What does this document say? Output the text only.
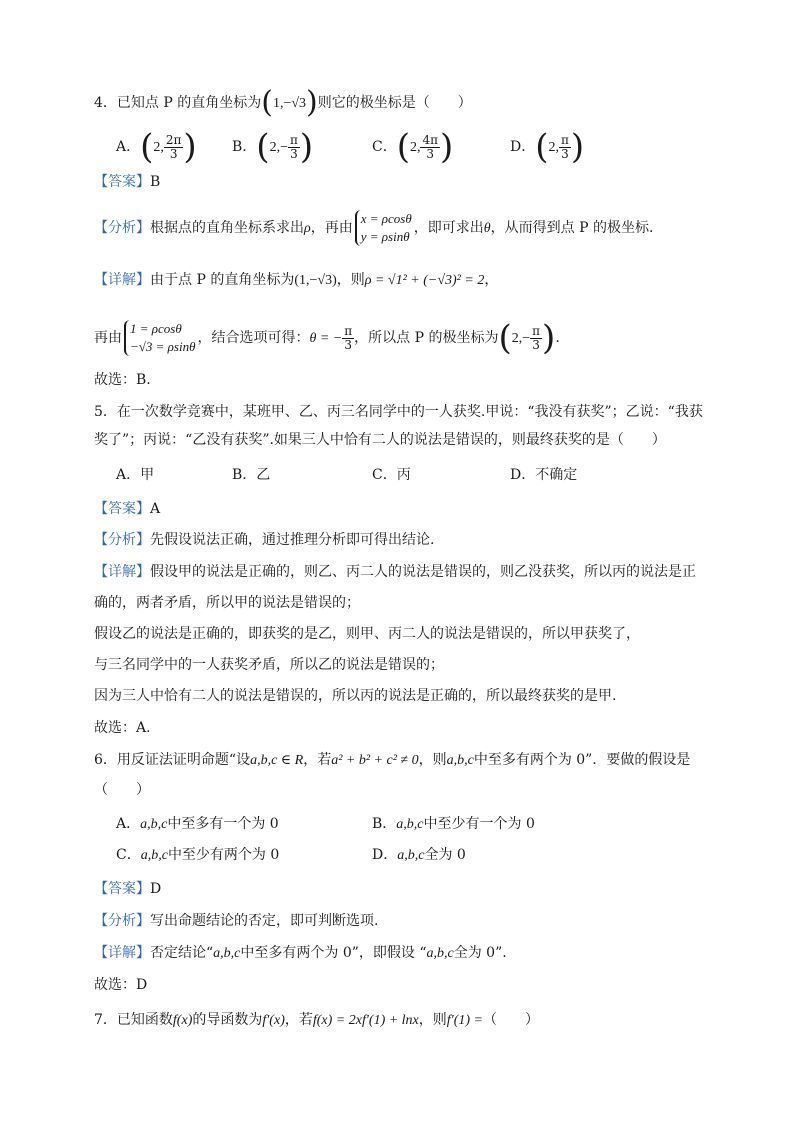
4．已知点 P 的直角坐标为(1,−√3)则它的极坐标是（　　）
A．(2, $\frac{2\pi}{3}$ )	B．($2,- \frac{\pi}{3}$ )	C．(2, $\frac{4\pi}{3}$ )	D．(2, $\frac{\pi}{3}$ )
【答案】B
【分析】根据点的直角坐标系求出ρ，再由x = ρcosθ
y = ρsinθ，即可求出θ，从而得到点 P 的极坐标.
【详解】由于点 P 的直角坐标为(1,−√3)，则ρ = √1² + (−√3)² = 2，
再由1 = ρcosθ
−√3 = ρsinθ，结合选项可得：θ = − $\frac{\pi}{3}$ ，所以点 P 的极坐标为($2,- \frac{\pi}{3}$ ).
故选：B.
5．在一次数学竞赛中，某班甲、乙、丙三名同学中的一人获奖.甲说：“我没有获奖”；乙说：“我获
奖了”；丙说：“乙没有获奖”.如果三人中恰有二人的说法是错误的，则最终获奖的是（　　）
A．甲	B．乙	C．丙	D．不确定
【答案】A
【分析】先假设说法正确，通过推理分析即可得出结论.
【详解】假设甲的说法是正确的，则乙、丙二人的说法是错误的，则乙没获奖，所以丙的说法是正
确的，两者矛盾，所以甲的说法是错误的；
假设乙的说法是正确的，即获奖的是乙，则甲、丙二人的说法是错误的，所以甲获奖了，
与三名同学中的一人获奖矛盾，所以乙的说法是错误的；
因为三人中恰有二人的说法是错误的，所以丙的说法是正确的，所以最终获奖的是甲.
故选：A.
6．用反证法证明命题“设a,b,c ∈ R，若a² + b² + c² ≠ 0，则a,b,c中至多有两个为 0”．要做的假设是
（　　）
A．a,b,c中至多有一个为 0	B．a,b,c中至少有一个为 0
C．a,b,c中至少有两个为 0	D．a,b,c全为 0
【答案】D
【分析】写出命题结论的否定，即可判断选项.
【详解】否定结论“a,b,c中至多有两个为 0”，即假设 “a,b,c全为 0”.
故选：D
7．已知函数f(x)的导函数为f′(x)，若f(x) = 2xf′(1) + lnx，则f′(1) =（　　）
